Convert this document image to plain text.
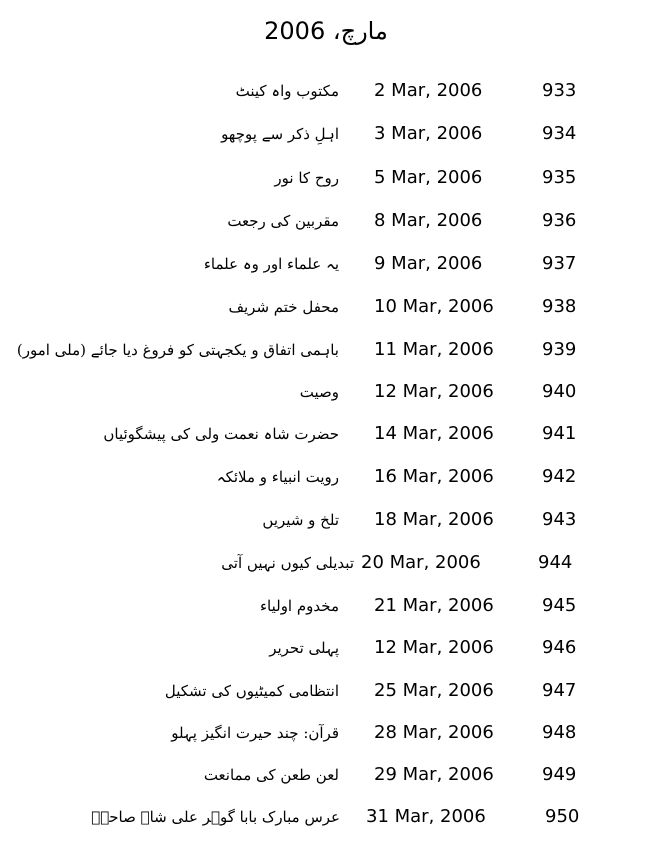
مارچ، 2006
مکتوب واہ کینٹ 2 Mar, 2006	933
اہلِ ذکر سے پوچھو 3 Mar, 2006	934
روح کا نور 5 Mar, 2006	935
مقربین کی رجعت 8 Mar, 2006	936
یہ علماء اور وہ علماء 9 Mar, 2006	937
محفل ختم شریف 10 Mar, 2006	938
باہمی اتفاق و یکجہتی کو فروغ دیا جائے (ملی امور) 11 Mar, 2006	939
وصیت 12 Mar, 2006	940
حضرت شاہ نعمت ولی کی پیشگوئیاں 14 Mar, 2006	941
رویت انبیاء و ملائکہ 16 Mar, 2006	942
تلخ و شیریں 18 Mar, 2006	943
تبدیلی کیوں نہیں آتی 20 Mar, 2006	944
مخدوم اولیاء 21 Mar, 2006	945
پہلی تحریر 12 Mar, 2006	946
انتظامی کمیٹیوں کی تشکیل 25 Mar, 2006	947
قرآن: چند حیرت انگیز پہلو 28 Mar, 2006	948
لعن طعن کی ممانعت 29 Mar, 2006	949
عرس مبارک بابا گوہر علی شاہ صاحبؒ 31 Mar, 2006	950
